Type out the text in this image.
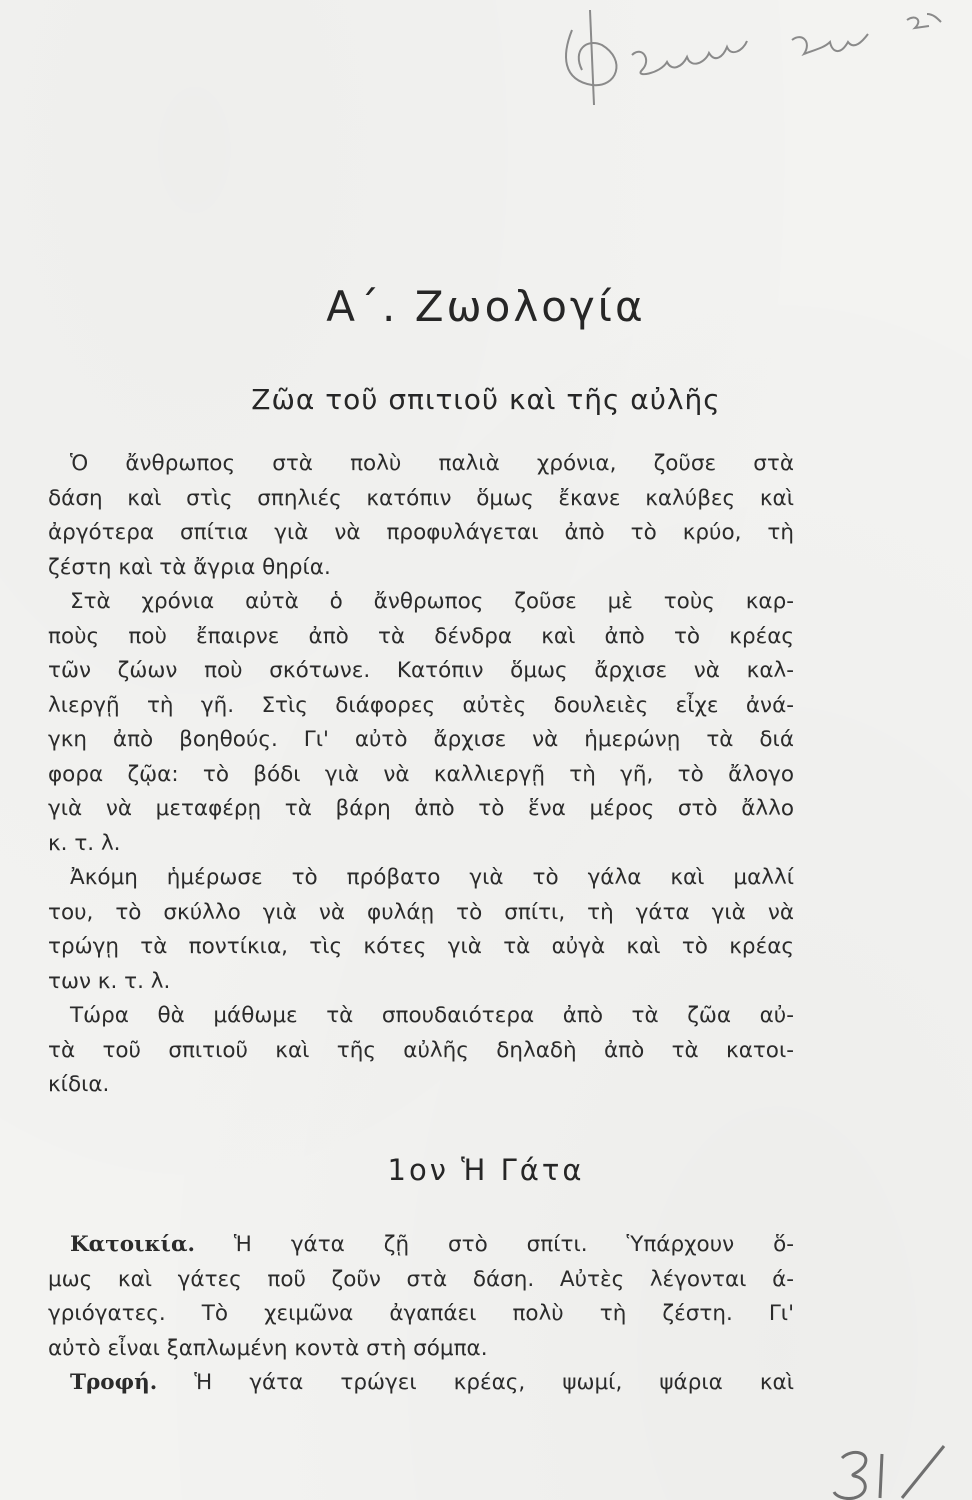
Α΄. Ζωολογία
Ζῶα τοῦ σπιτιοῦ καὶ τῆς αὐλῆς
Ὁ ἄνθρωπος στὰ πολὺ παλιὰ χρόνια, ζοῦσε στὰ
δάση καὶ στὶς σπηλιές κατόπιν ὅμως ἔκανε καλύβες καὶ
ἀργότερα σπίτια γιὰ νὰ προφυλάγεται ἀπὸ τὸ κρύο, τὴ
ζέστη καὶ τὰ ἄγρια θηρία.
Στὰ χρόνια αὐτὰ ὁ ἄνθρωπος ζοῦσε μὲ τοὺς καρ-
ποὺς ποὺ ἔπαιρνε ἀπὸ τὰ δένδρα καὶ ἀπὸ τὸ κρέας
τῶν ζώων ποὺ σκότωνε. Κατόπιν ὅμως ἄρχισε νὰ καλ-
λιεργῇ τὴ γῆ. Στὶς διάφορες αὐτὲς δουλειὲς εἶχε ἀνά-
γκη ἀπὸ βοηθούς. Γι' αὐτὸ ἄρχισε νὰ ἡμερώνῃ τὰ διά
φορα ζῷα: τὸ βόδι γιὰ νὰ καλλιεργῇ τὴ γῆ, τὸ ἄλογο
γιὰ νὰ μεταφέρῃ τὰ βάρη ἀπὸ τὸ ἕνα μέρος στὸ ἄλλο
κ. τ. λ.
Ἀκόμη ἡμέρωσε τὸ πρόβατο γιὰ τὸ γάλα καὶ μαλλί
του, τὸ σκύλλο γιὰ νὰ φυλάῃ τὸ σπίτι, τὴ γάτα γιὰ νὰ
τρώγῃ τὰ ποντίκια, τὶς κότες γιὰ τὰ αὐγὰ καὶ τὸ κρέας
των κ. τ. λ.
Τώρα θὰ μάθωμε τὰ σπουδαιότερα ἀπὸ τὰ ζῶα αὐ-
τὰ τοῦ σπιτιοῦ καὶ τῆς αὐλῆς δηλαδὴ ἀπὸ τὰ κατοι-
κίδια.
1ον Ἡ Γάτα
Κατοικία. Ἡ γάτα ζῇ στὸ σπίτι. Ὑπάρχουν ὅ-
μως καὶ γάτες ποῦ ζοῦν στὰ δάση. Αὐτὲς λέγονται ά-
γριόγατες. Τὸ χειμῶνα ἀγαπάει πολὺ τὴ ζέστη. Γι'
αὐτὸ εἶναι ξαπλωμένη κοντὰ στὴ σόμπα.
Τροφή. Ἡ γάτα τρώγει κρέας, ψωμί, ψάρια καὶ
